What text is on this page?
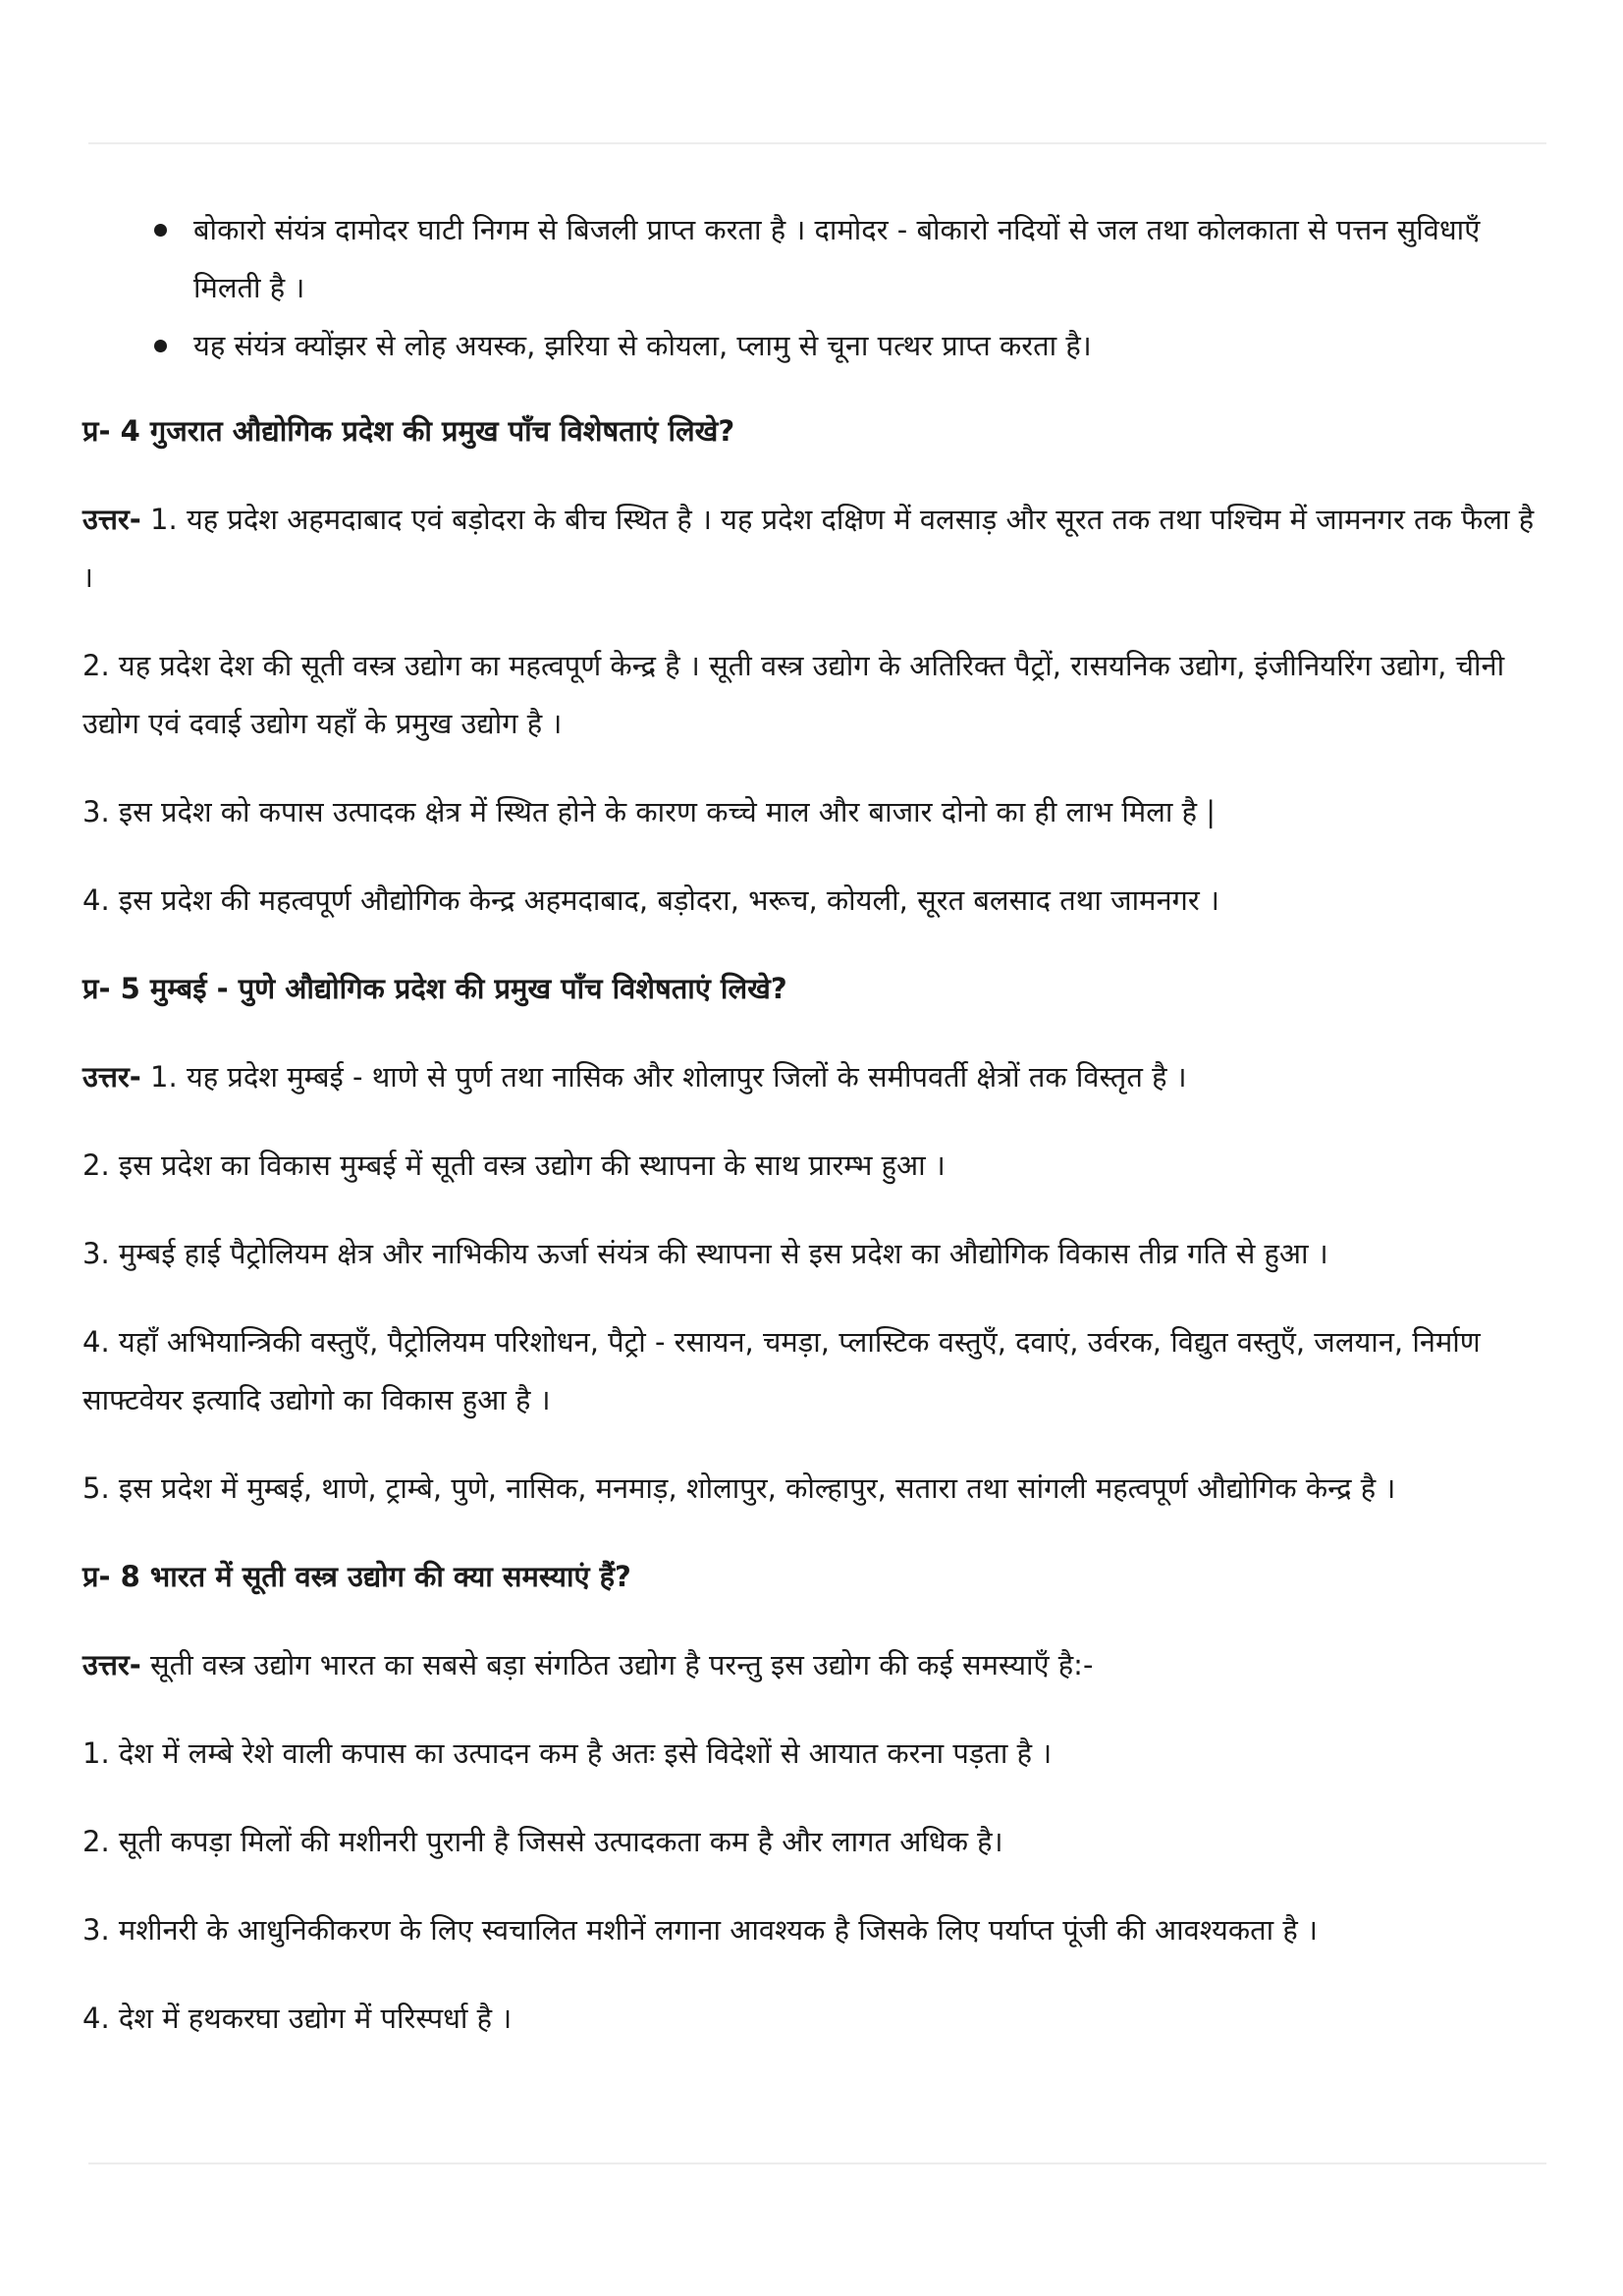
बोकारो संयंत्र दामोदर घाटी निगम से बिजली प्राप्त करता है । दामोदर - बोकारो नदियों से जल तथा कोलकाता से पत्तन सुविधाएँ मिलती है ।
यह संयंत्र क्योंझर से लोह अयस्क, झरिया से कोयला, प्लामु से चूना पत्थर प्राप्त करता है।

प्र- 4 गुजरात औद्योगिक प्रदेश की प्रमुख पाँच विशेषताएं लिखे?

उत्तर- 1. यह प्रदेश अहमदाबाद एवं बड़ोदरा के बीच स्थित है । यह प्रदेश दक्षिण में वलसाड़ और सूरत तक तथा पश्चिम में जामनगर तक फैला है ।

2. यह प्रदेश देश की सूती वस्त्र उद्योग का महत्वपूर्ण केन्द्र है । सूती वस्त्र उद्योग के अतिरिक्त पैट्रों, रासयनिक उद्योग, इंजीनियरिंग उद्योग, चीनी उद्योग एवं दवाई उद्योग यहाँ के प्रमुख उद्योग है ।

3. इस प्रदेश को कपास उत्पादक क्षेत्र में स्थित होने के कारण कच्चे माल और बाजार दोनो का ही लाभ मिला है |

4. इस प्रदेश की महत्वपूर्ण औद्योगिक केन्द्र अहमदाबाद, बड़ोदरा, भरूच, कोयली, सूरत बलसाद तथा जामनगर ।

प्र- 5 मुम्बई - पुणे औद्योगिक प्रदेश की प्रमुख पाँच विशेषताएं लिखे?

उत्तर- 1. यह प्रदेश मुम्बई - थाणे से पुर्ण तथा नासिक और शोलापुर जिलों के समीपवर्ती क्षेत्रों तक विस्तृत है ।

2. इस प्रदेश का विकास मुम्बई में सूती वस्त्र उद्योग की स्थापना के साथ प्रारम्भ हुआ ।

3. मुम्बई हाई पैट्रोलियम क्षेत्र और नाभिकीय ऊर्जा संयंत्र की स्थापना से इस प्रदेश का औद्योगिक विकास तीव्र गति से हुआ ।

4. यहाँ अभियान्त्रिकी वस्तुएँ, पैट्रोलियम परिशोधन, पैट्रो - रसायन, चमड़ा, प्लास्टिक वस्तुएँ, दवाएं, उर्वरक, विद्युत वस्तुएँ, जलयान, निर्माण साफ्टवेयर इत्यादि उद्योगो का विकास हुआ है ।

5. इस प्रदेश में मुम्बई, थाणे, ट्राम्बे, पुणे, नासिक, मनमाड़, शोलापुर, कोल्हापुर, सतारा तथा सांगली महत्वपूर्ण औद्योगिक केन्द्र है ।

प्र- 8 भारत में सूती वस्त्र उद्योग की क्या समस्याएं हैं?

उत्तर- सूती वस्त्र उद्योग भारत का सबसे बड़ा संगठित उद्योग है परन्तु इस उद्योग की कई समस्याएँ है:-

1. देश में लम्बे रेशे वाली कपास का उत्पादन कम है अतः इसे विदेशों से आयात करना पड़ता है ।

2. सूती कपड़ा मिलों की मशीनरी पुरानी है जिससे उत्पादकता कम है और लागत अधिक है।

3. मशीनरी के आधुनिकीकरण के लिए स्वचालित मशीनें लगाना आवश्यक है जिसके लिए पर्याप्त पूंजी की आवश्यकता है ।

4. देश में हथकरघा उद्योग में परिस्पर्धा है ।
